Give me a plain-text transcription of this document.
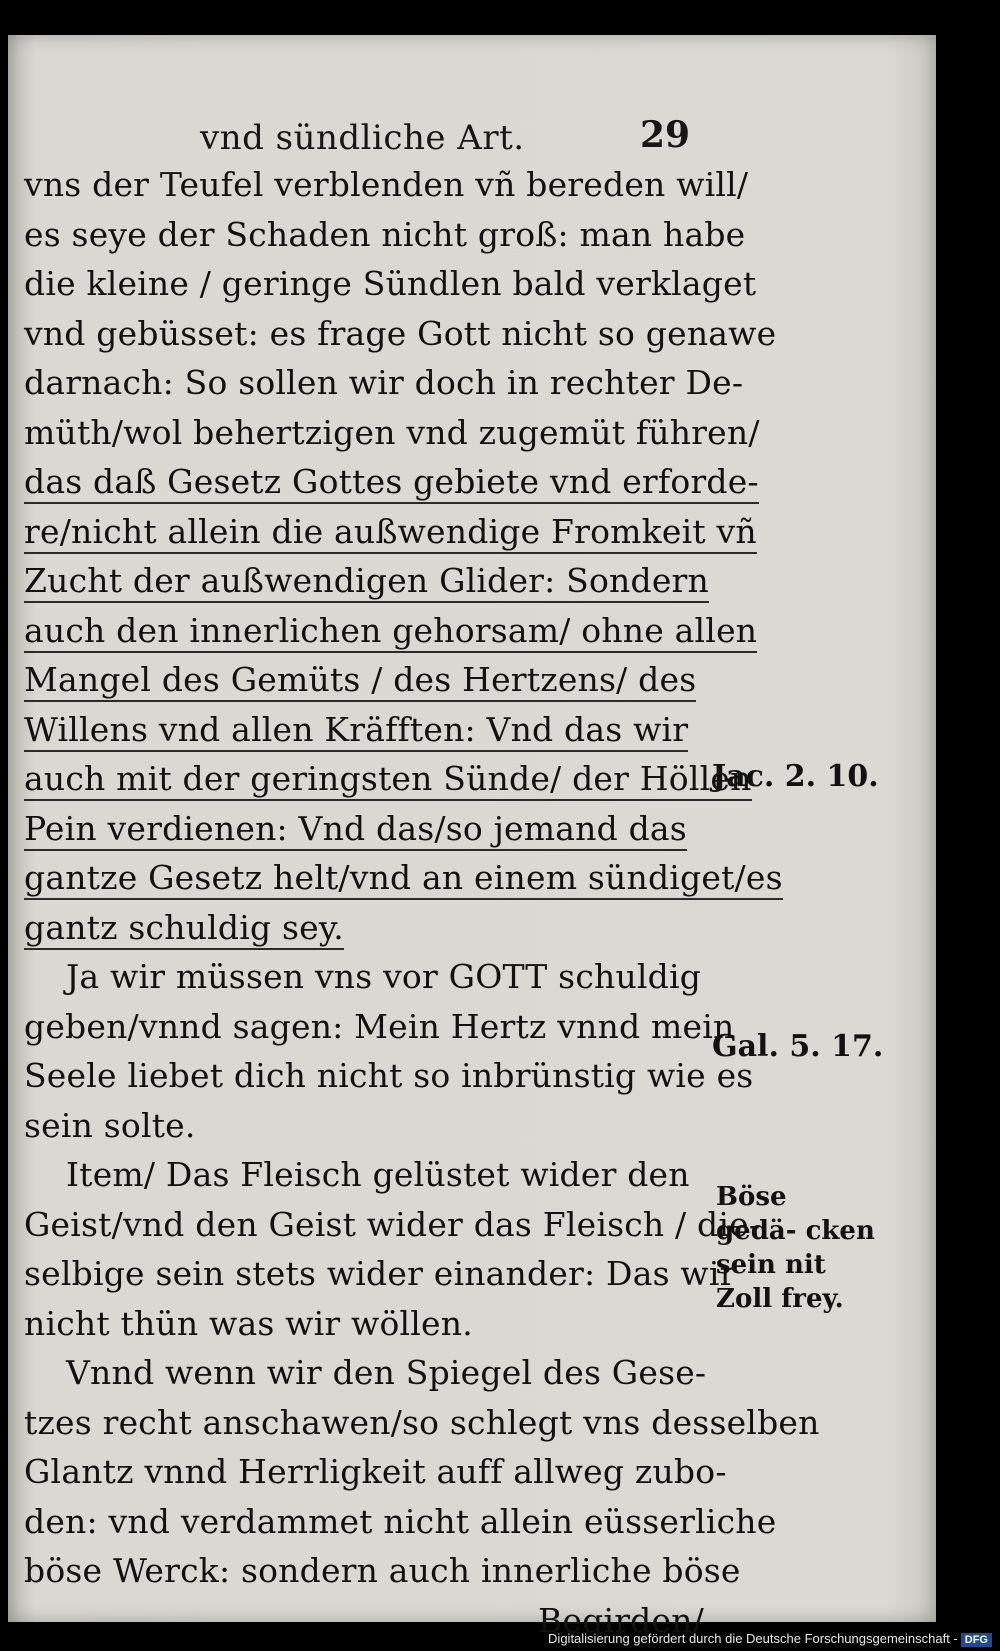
vnd sündliche Art.	29
vns der Teufel verblenden vñ bereden will/
es seye der Schaden nicht groß: man habe
die kleine / geringe Sündlen bald verklaget
vnd gebüsset: es frage Gott nicht so genawe
darnach: So sollen wir doch in rechter De-
müth/wol behertzigen vnd zugemüt führen/
das daß Gesetz Gottes gebiete vnd erforde-
re/nicht allein die außwendige Fromkeit vñ
Zucht der außwendigen Glider: Sondern
auch den innerlichen gehorsam/ ohne allen
Mangel des Gemüts / des Hertzens/ des
Willens vnd allen Kräfften: Vnd das wir
auch mit der geringsten Sünde/ der Höllen
Pein verdienen: Vnd das/so jemand das
gantze Gesetz helt/vnd an einem sündiget/es
gantz schuldig sey.
Ja wir müssen vns vor GOTT schuldig
geben/vnnd sagen: Mein Hertz vnnd mein
Seele liebet dich nicht so inbrünstig wie es
sein solte.
Item/ Das Fleisch gelüstet wider den
Geist/vnd den Geist wider das Fleisch / die-
selbige sein stets wider einander: Das wir
nicht thün was wir wöllen.
Vnnd wenn wir den Spiegel des Gese-
tzes recht anschawen/so schlegt vns desselben
Glantz vnnd Herrligkeit auff allweg zubo-
den: vnd verdammet nicht allein eüsserliche
böse Werck: sondern auch innerliche böse
Begirden/
Jac. 2. 10.
Gal. 5. 17.
Böse gedä- cken sein nit Zoll frey.
Digitalisierung gefördert durch die Deutsche Forschungsgemeinschaft - DFG
